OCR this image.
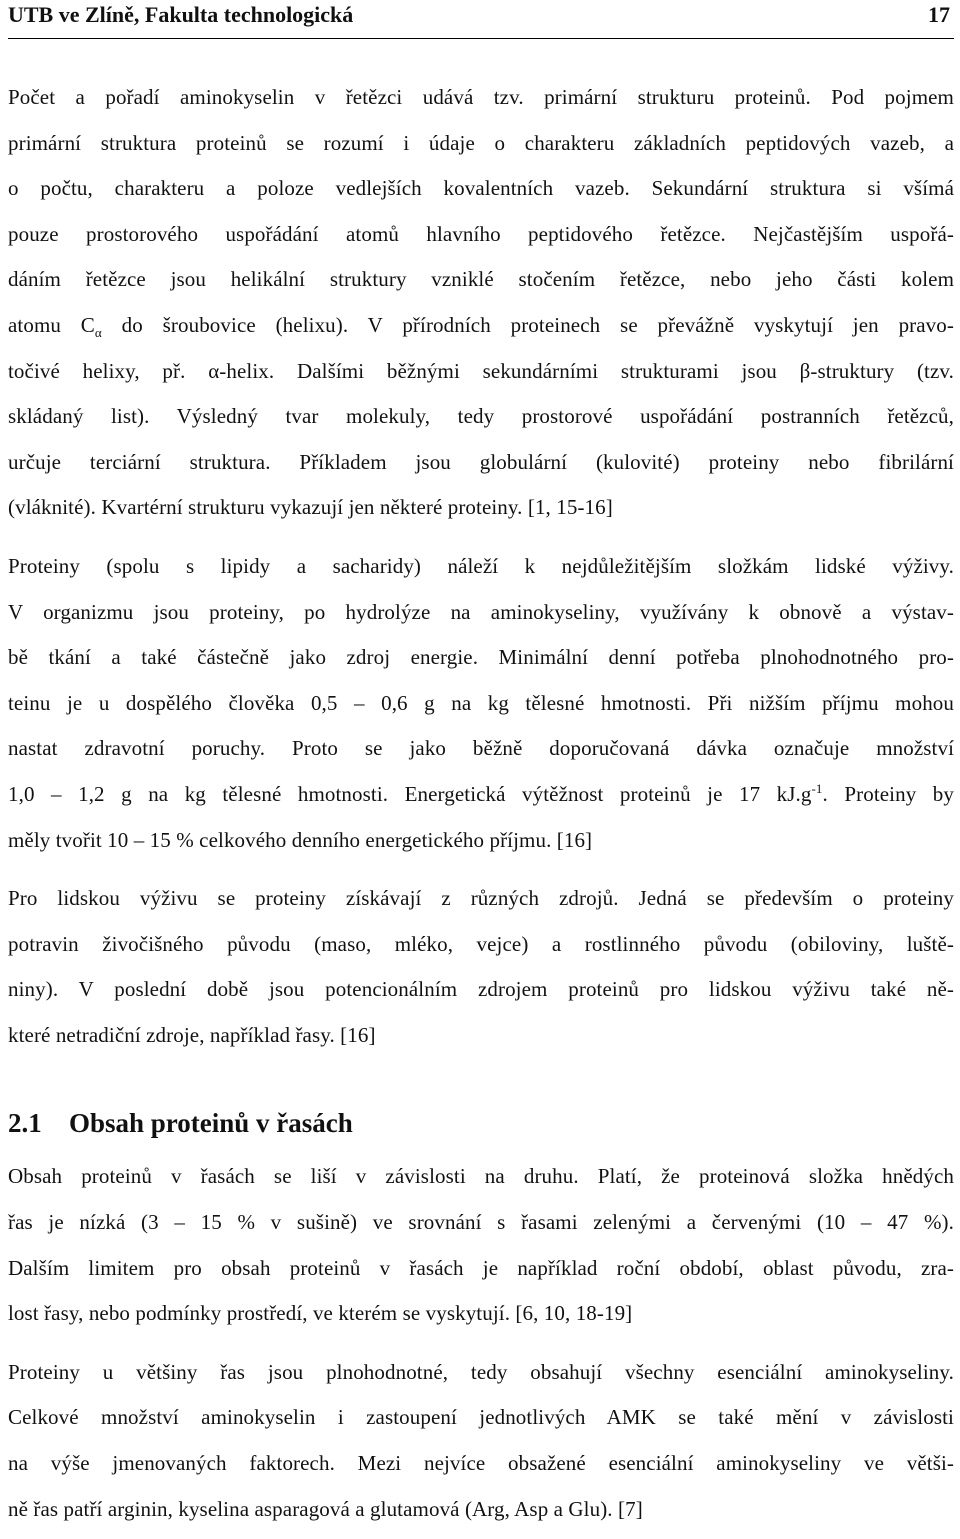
UTB ve Zlíně, Fakulta technologická	17

Počet a pořadí aminokyselin v řetězci udává tzv. primární strukturu proteinů. Pod pojmem
primární struktura proteinů se rozumí i údaje o charakteru základních peptidových vazeb, a
o počtu, charakteru a poloze vedlejších kovalentních vazeb. Sekundární struktura si všímá
pouze prostorového uspořádání atomů hlavního peptidového řetězce. Nejčastějším uspořá-
dáním řetězce jsou helikální struktury vzniklé stočením řetězce, nebo jeho části kolem
atomu $C_\alpha$ do šroubovice (helixu). V přírodních proteinech se převážně vyskytují jen pravo-
točivé helixy, př. α-helix. Dalšími běžnými sekundárními strukturami jsou β-struktury (tzv.
skládaný list). Výsledný tvar molekuly, tedy prostorové uspořádání postranních řetězců,
určuje terciární struktura. Příkladem jsou globulární (kulovité) proteiny nebo fibrilární
(vláknité). Kvartérní strukturu vykazují jen některé proteiny. [1, 15-16]

Proteiny (spolu s lipidy a sacharidy) náleží k nejdůležitějším složkám lidské výživy.
V organizmu jsou proteiny, po hydrolýze na aminokyseliny, využívány k obnově a výstav-
bě tkání a také částečně jako zdroj energie. Minimální denní potřeba plnohodnotného pro-
teinu je u dospělého člověka 0,5 – 0,6 g na kg tělesné hmotnosti. Při nižším příjmu mohou
nastat zdravotní poruchy. Proto se jako běžně doporučovaná dávka označuje množství
1,0 – 1,2 g na kg tělesné hmotnosti. Energetická výtěžnost proteinů je 17 $kJ.g^{-1}$. Proteiny by
měly tvořit 10 – 15 % celkového denního energetického příjmu. [16]

Pro lidskou výživu se proteiny získávají z různých zdrojů. Jedná se především o proteiny
potravin živočišného původu (maso, mléko, vejce) a rostlinného původu (obiloviny, luště-
niny). V poslední době jsou potencionálním zdrojem proteinů pro lidskou výživu také ně-
které netradiční zdroje, například řasy. [16]

2.1 Obsah proteinů v řasách

Obsah proteinů v řasách se liší v závislosti na druhu. Platí, že proteinová složka hnědých
řas je nízká (3 – 15 % v sušině) ve srovnání s řasami zelenými a červenými (10 – 47 %).
Dalším limitem pro obsah proteinů v řasách je například roční období, oblast původu, zra-
lost řasy, nebo podmínky prostředí, ve kterém se vyskytují. [6, 10, 18-19]

Proteiny u většiny řas jsou plnohodnotné, tedy obsahují všechny esenciální aminokyseliny.
Celkové množství aminokyselin i zastoupení jednotlivých AMK se také mění v závislosti
na výše jmenovaných faktorech. Mezi nejvíce obsažené esenciální aminokyseliny ve větši-
ně řas patří arginin, kyselina asparagová a glutamová (Arg, Asp a Glu). [7]
